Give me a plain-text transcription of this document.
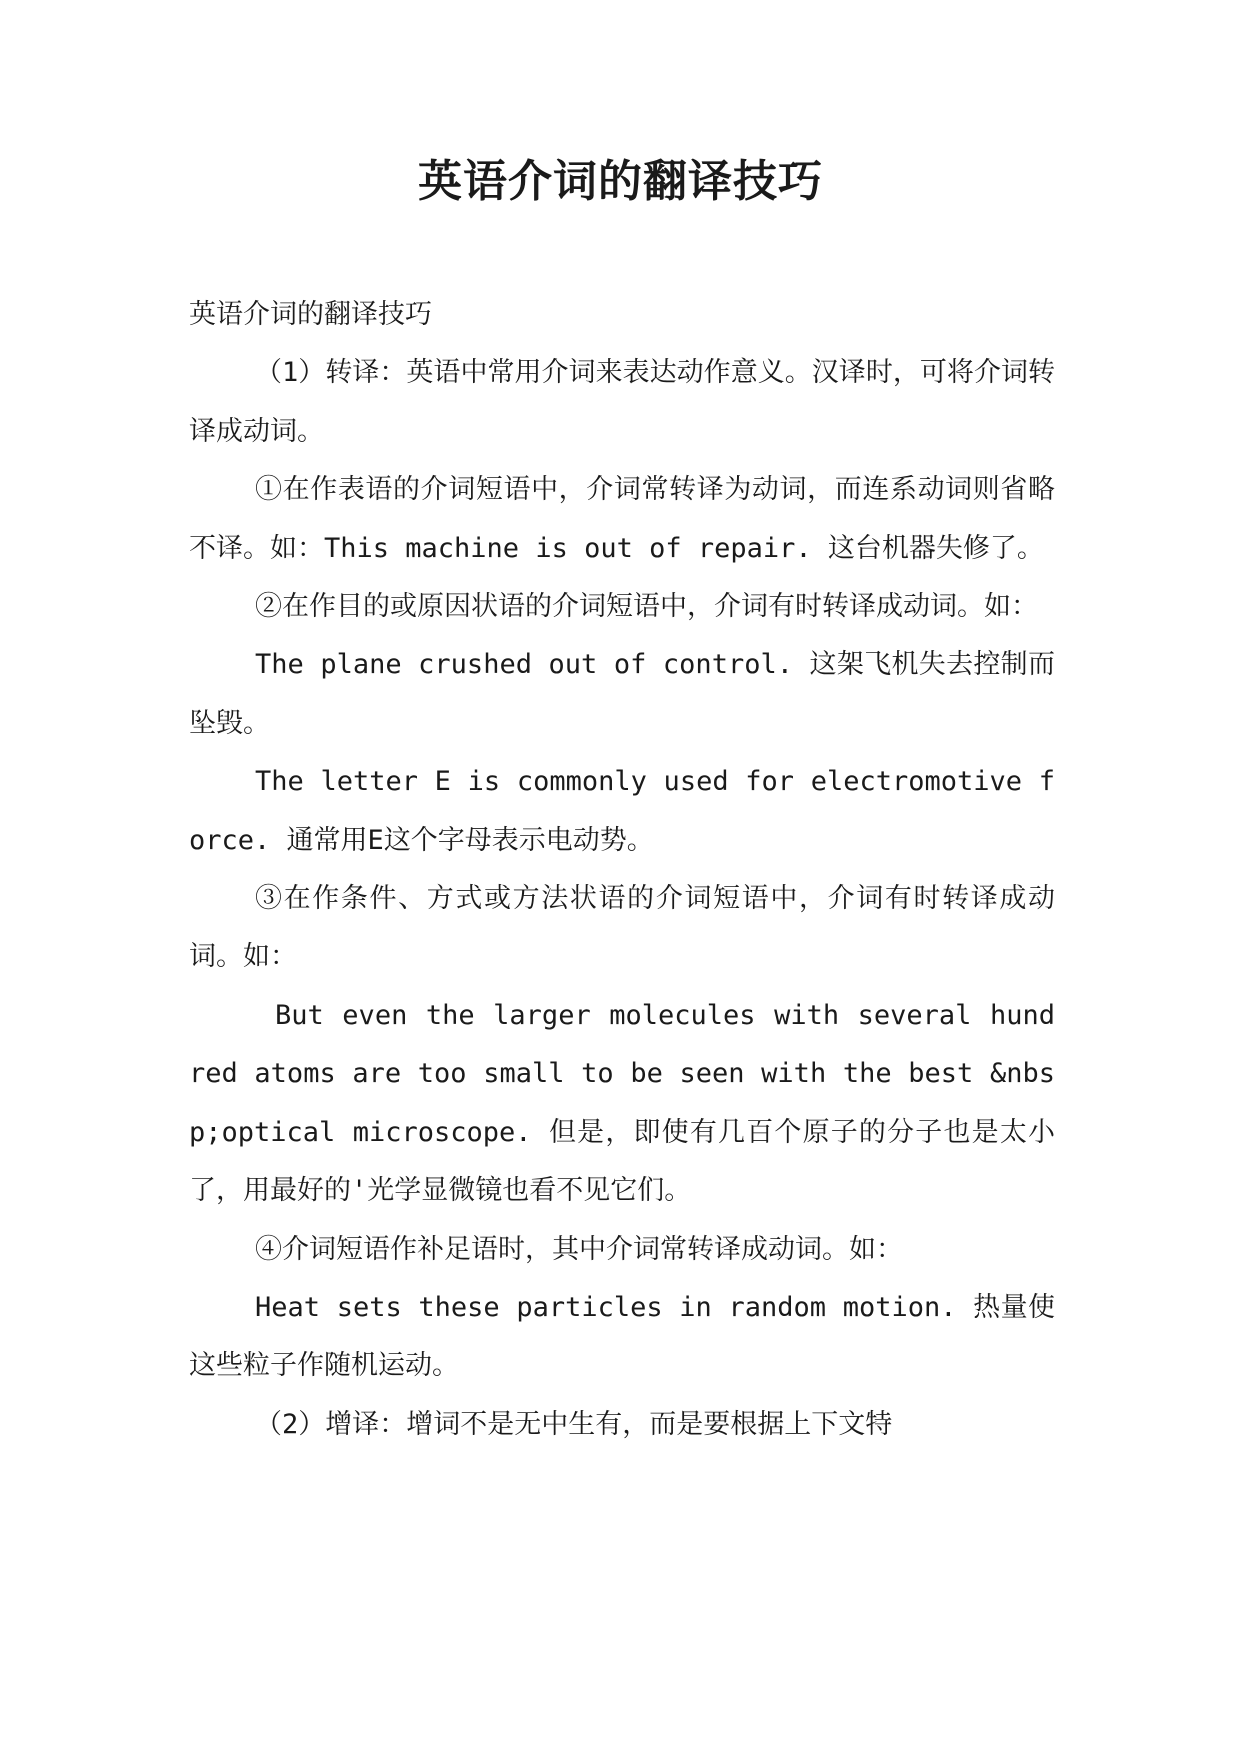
英语介词的翻译技巧

英语介词的翻译技巧

（1）转译：英语中常用介词来表达动作意义。汉译时，可将介词转译成动词。

①在作表语的介词短语中，介词常转译为动词，而连系动词则省略不译。如：This machine is out of repair. 这台机器失修了。

②在作目的或原因状语的介词短语中，介词有时转译成动词。如：

The plane crushed out of control. 这架飞机失去控制而坠毁。

The letter E is commonly used for electromotive force. 通常用E这个字母表示电动势。

③在作条件、方式或方法状语的介词短语中，介词有时转译成动词。如：

But even the larger molecules with several hundred atoms are too small to be seen with the best &nbsp;optical microscope. 但是，即使有几百个原子的分子也是太小了，用最好的'光学显微镜也看不见它们。

④介词短语作补足语时，其中介词常转译成动词。如：

Heat sets these particles in random motion. 热量使这些粒子作随机运动。

（2）增译：增词不是无中生有，而是要根据上下文特
